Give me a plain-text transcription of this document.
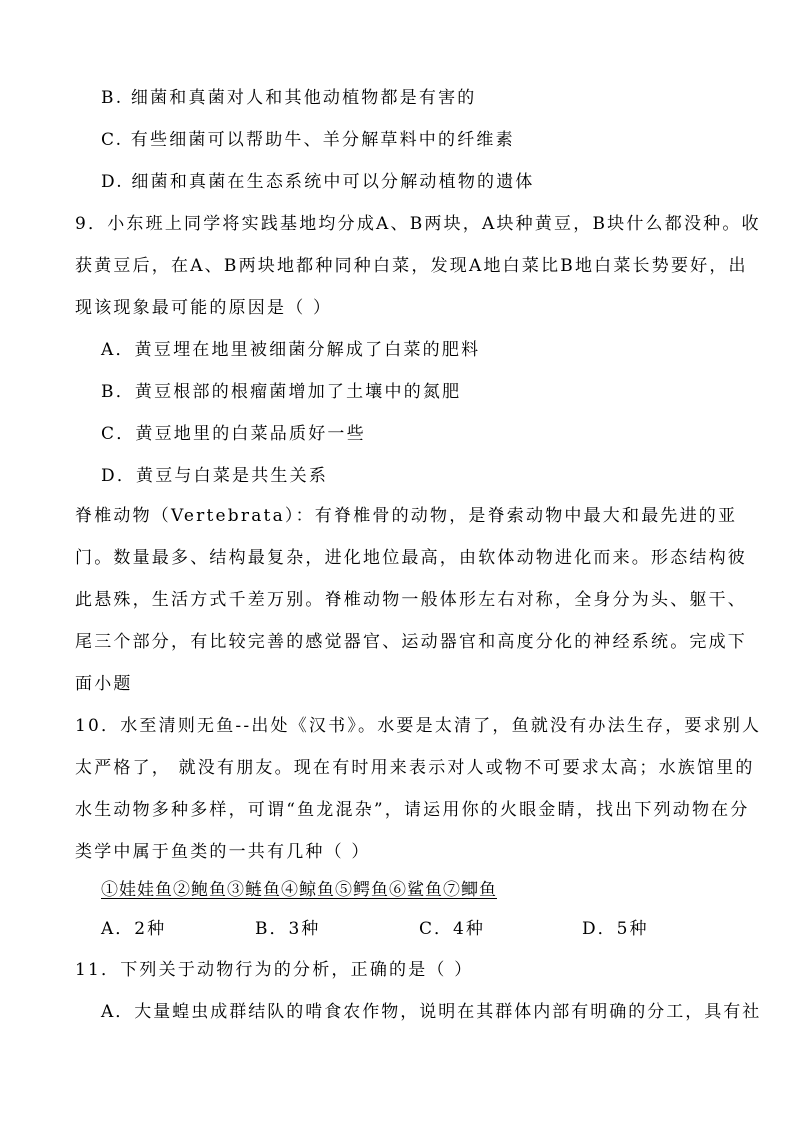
B. 细菌和真菌对人和其他动植物都是有害的

C. 有些细菌可以帮助牛、羊分解草料中的纤维素

D. 细菌和真菌在生态系统中可以分解动植物的遗体

9．小东班上同学将实践基地均分成A、B两块，A块种黄豆，B块什么都没种。收

获黄豆后，在A、B两块地都种同种白菜，发现A地白菜比B地白菜长势要好，出

现该现象最可能的原因是（ ）

A．黄豆埋在地里被细菌分解成了白菜的肥料

B．黄豆根部的根瘤菌增加了土壤中的氮肥

C．黄豆地里的白菜品质好一些

D．黄豆与白菜是共生关系

脊椎动物（Vertebrata）：有脊椎骨的动物，是脊索动物中最大和最先进的亚

门。数量最多、结构最复杂，进化地位最高，由软体动物进化而来。形态结构彼

此悬殊，生活方式千差万别。脊椎动物一般体形左右对称，全身分为头、躯干、

尾三个部分，有比较完善的感觉器官、运动器官和高度分化的神经系统。完成下

面小题

10．水至清则无鱼--出处《汉书》。水要是太清了，鱼就没有办法生存，要求别人

太严格了， 就没有朋友。现在有时用来表示对人或物不可要求太高；水族馆里的

水生动物多种多样，可谓“鱼龙混杂”，请运用你的火眼金睛，找出下列动物在分

类学中属于鱼类的一共有几种（ ）

①娃娃鱼②鲍鱼③鲢鱼④鲸鱼⑤鳄鱼⑥鲨鱼⑦鲫鱼

A．2种	B．3种	C．4种	D．5种

11．下列关于动物行为的分析，正确的是（ ）

A．大量蝗虫成群结队的啃食农作物，说明在其群体内部有明确的分工，具有社
